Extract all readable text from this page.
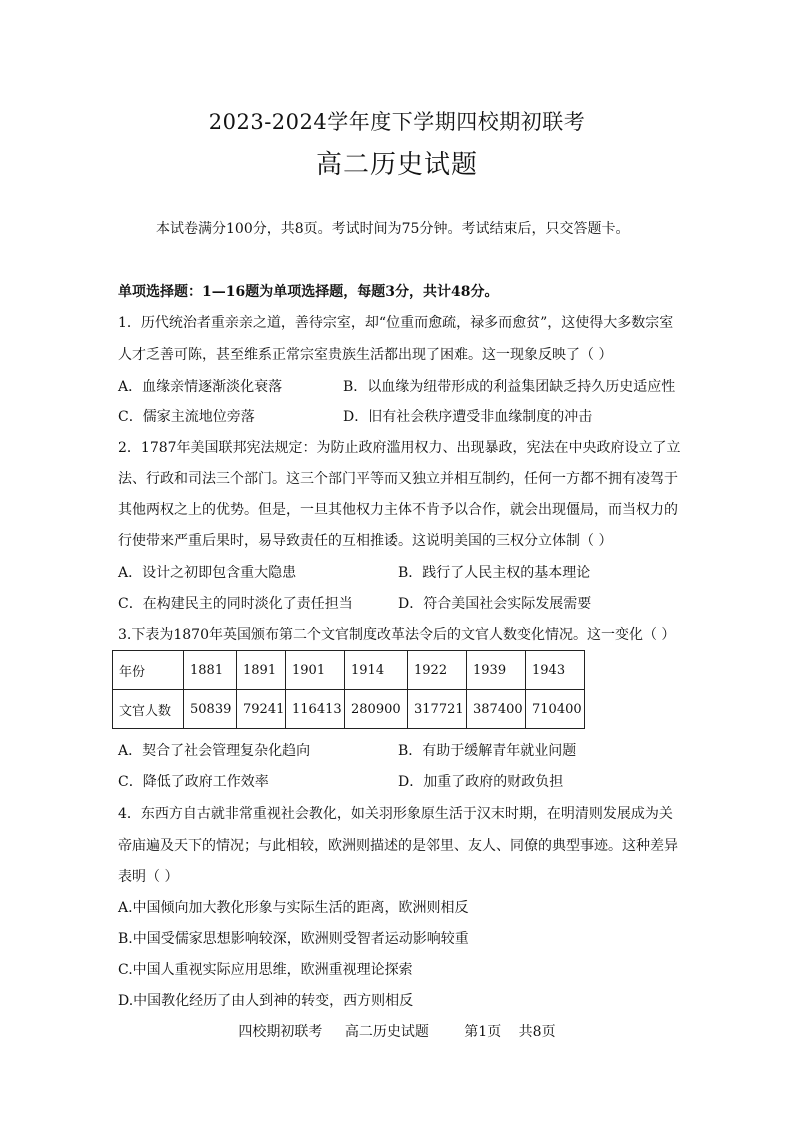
2023-2024学年度下学期四校期初联考
高二历史试题
本试卷满分100分，共8页。考试时间为75分钟。考试结束后，只交答题卡。
单项选择题：1—16题为单项选择题，每题3分，共计48分。
1．历代统治者重亲亲之道，善待宗室，却“位重而愈疏，禄多而愈贫”，这使得大多数宗室
人才乏善可陈，甚至维系正常宗室贵族生活都出现了困难。这一现象反映了（ ）
A．血缘亲情逐渐淡化衰落	B．以血缘为纽带形成的利益集团缺乏持久历史适应性
C．儒家主流地位旁落	D．旧有社会秩序遭受非血缘制度的冲击
2．1787年美国联邦宪法规定：为防止政府滥用权力、出现暴政，宪法在中央政府设立了立
法、行政和司法三个部门。这三个部门平等而又独立并相互制约，任何一方都不拥有凌驾于
其他两权之上的优势。但是，一旦其他权力主体不肯予以合作，就会出现僵局，而当权力的
行使带来严重后果时，易导致责任的互相推诿。这说明美国的三权分立体制（ ）
A．设计之初即包含重大隐患	B．践行了人民主权的基本理论
C．在构建民主的同时淡化了责任担当	D．符合美国社会实际发展需要
3.下表为1870年英国颁布第二个文官制度改革法令后的文官人数变化情况。这一变化（ ）
年份	1881	1891	1901	1914	1922	1939	1943
文官人数	50839	79241	116413	280900	317721	387400	710400
A．契合了社会管理复杂化趋向	B．有助于缓解青年就业问题
C．降低了政府工作效率	D．加重了政府的财政负担
4．东西方自古就非常重视社会教化，如关羽形象原生活于汉末时期，在明清则发展成为关
帝庙遍及天下的情况；与此相较，欧洲则描述的是邻里、友人、同僚的典型事迹。这种差异
表明（ ）
A.中国倾向加大教化形象与实际生活的距离，欧洲则相反
B.中国受儒家思想影响较深，欧洲则受智者运动影响较重
C.中国人重视实际应用思维，欧洲重视理论探索
D.中国教化经历了由人到神的转变，西方则相反
四校期初联考 高二历史试题	第1页 共8页
